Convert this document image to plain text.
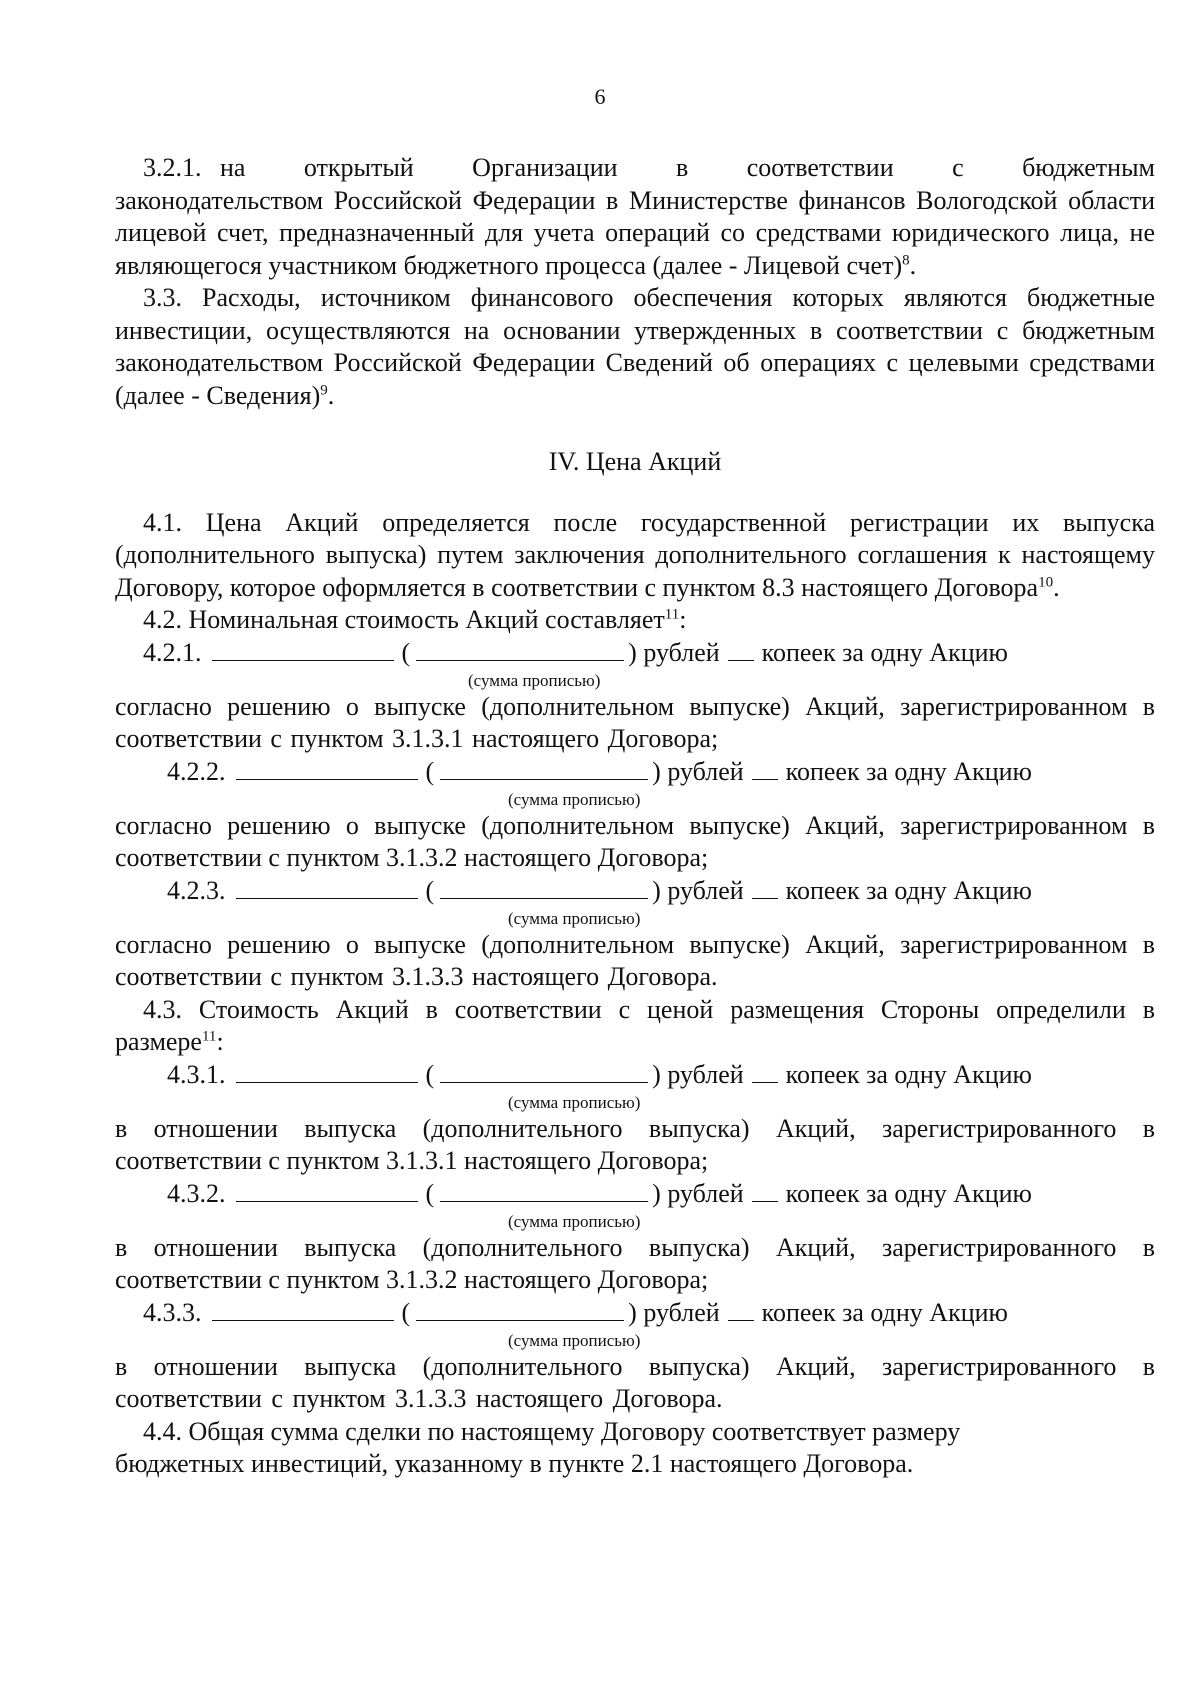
6

3.2.1. на открытый Организации в соответствии с бюджетным

законодательством Российской Федерации в Министерстве финансов Вологодской области лицевой счет, предназначенный для учета операций со средствами юридического лица, не являющегося участником бюджетного процесса (далее - Лицевой счет)$^8$.

3.3. Расходы, источником финансового обеспечения которых являются бюджетные инвестиции, осуществляются на основании утвержденных в соответствии с бюджетным законодательством Российской Федерации Сведений об операциях с целевыми средствами (далее - Сведения)$^9$.

IV. Цена Акций

4.1. Цена Акций определяется после государственной регистрации их выпуска (дополнительного выпуска) путем заключения дополнительного соглашения к настоящему Договору, которое оформляется в соответствии с пунктом 8.3 настоящего Договора$^{10}$.

4.2. Номинальная стоимость Акций составляет$^{11}$:

4.2.1.	(	) рублей копеек за одну Акцию
(сумма прописью)

согласно решению о выпуске (дополнительном выпуске) Акций, зарегистрированном в соответствии с пунктом 3.1.3.1 настоящего Договора;

4.2.2.	(	) рублей копеек за одну Акцию
(сумма прописью)

согласно решению о выпуске (дополнительном выпуске) Акций, зарегистрированном в соответствии с пунктом 3.1.3.2 настоящего Договора;

4.2.3.	(	) рублей копеек за одну Акцию
(сумма прописью)

согласно решению о выпуске (дополнительном выпуске) Акций, зарегистрированном в соответствии с пунктом 3.1.3.3 настоящего Договора.

4.3. Стоимость Акций в соответствии с ценой размещения Стороны определили в размере$^{11}$:

4.3.1.	(	) рублей копеек за одну Акцию
(сумма прописью)

в отношении выпуска (дополнительного выпуска) Акций, зарегистрированного в соответствии с пунктом 3.1.3.1 настоящего Договора;

4.3.2.	(	) рублей копеек за одну Акцию
(сумма прописью)

в отношении выпуска (дополнительного выпуска) Акций, зарегистрированного в соответствии с пунктом 3.1.3.2 настоящего Договора;

4.3.3.	(	) рублей копеек за одну Акцию
(сумма прописью)

в отношении выпуска (дополнительного выпуска) Акций, зарегистрированного в соответствии с пунктом 3.1.3.3 настоящего Договора.

4.4. Общая сумма сделки по настоящему Договору соответствует размеру

бюджетных инвестиций, указанному в пункте 2.1 настоящего Договора.
